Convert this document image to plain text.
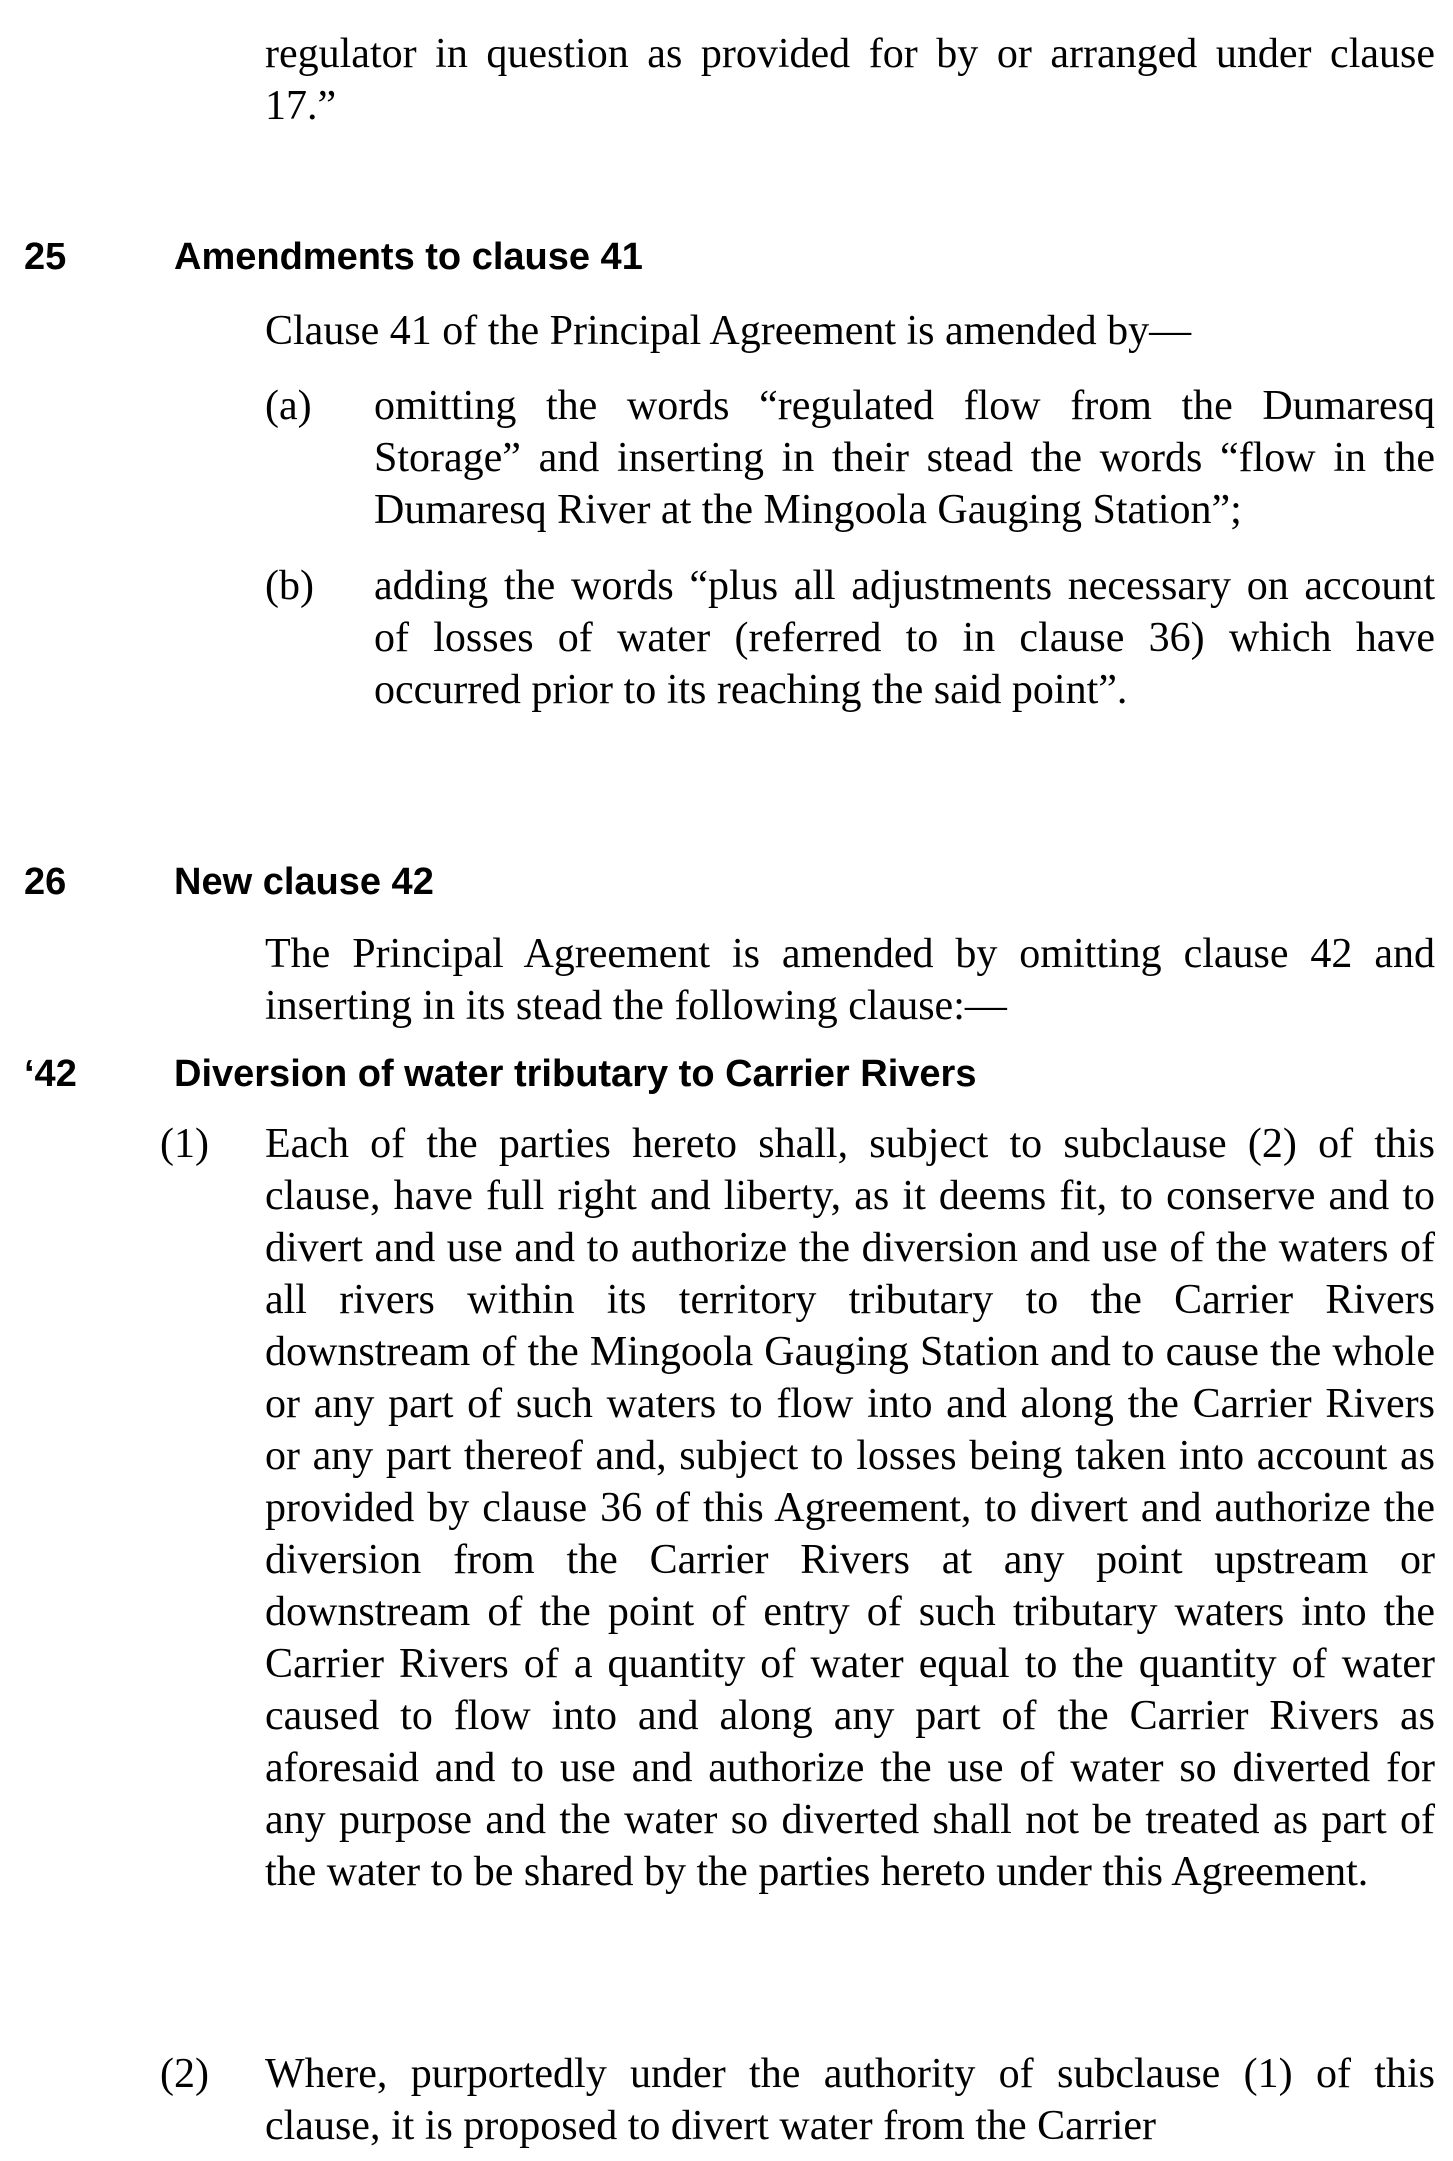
regulator in question as provided for by or arranged under clause 17.”
25	Amendments to clause 41
Clause 41 of the Principal Agreement is amended by—
(a) omitting the words “regulated flow from the Dumaresq Storage” and inserting in their stead the words “flow in the Dumaresq River at the Mingoola Gauging Station”;
(b) adding the words “plus all adjustments necessary on account of losses of water (referred to in clause 36) which have occurred prior to its reaching the said point”.
26	New clause 42
The Principal Agreement is amended by omitting clause 42 and inserting in its stead the following clause:—
‘42	Diversion of water tributary to Carrier Rivers
(1) Each of the parties hereto shall, subject to subclause (2) of this clause, have full right and liberty, as it deems fit, to conserve and to divert and use and to authorize the diversion and use of the waters of all rivers within its territory tributary to the Carrier Rivers downstream of the Mingoola Gauging Station and to cause the whole or any part of such waters to flow into and along the Carrier Rivers or any part thereof and, subject to losses being taken into account as provided by clause 36 of this Agreement, to divert and authorize the diversion from the Carrier Rivers at any point upstream or downstream of the point of entry of such tributary waters into the Carrier Rivers of a quantity of water equal to the quantity of water caused to flow into and along any part of the Carrier Rivers as aforesaid and to use and authorize the use of water so diverted for any purpose and the water so diverted shall not be treated as part of the water to be shared by the parties hereto under this Agreement.
(2) Where, purportedly under the authority of subclause (1) of this clause, it is proposed to divert water from the Carrier
